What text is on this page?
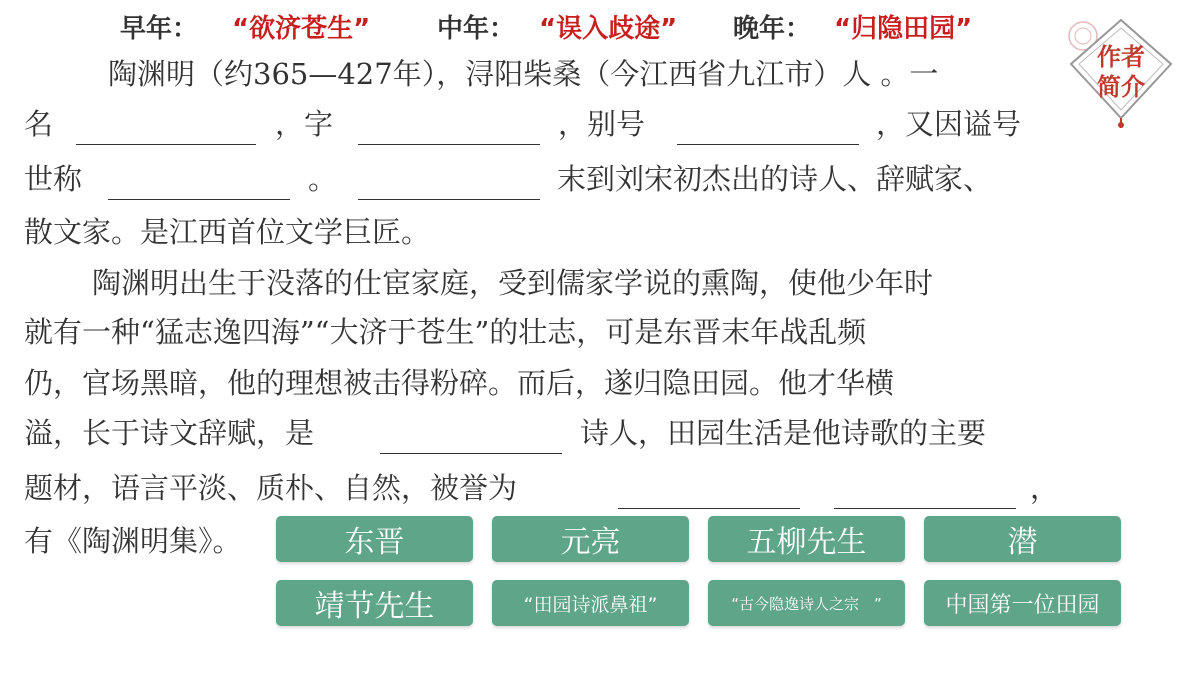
早年： “欲济苍生”	中年： “误入歧途” 晚年： “归隐田园”
作者
简介
陶渊明（约365—427年），浔阳柴桑（今江西省九江市）人 。一
名	，字	，别号	，又因谥号
世称	。	末到刘宋初杰出的诗人、辞赋家、
散文家。是江西首位文学巨匠。
陶渊明出生于没落的仕宦家庭，受到儒家学说的熏陶，使他少年时
就有一种“猛志逸四海”“大济于苍生”的壮志，可是东晋末年战乱频
仍，官场黑暗，他的理想被击得粉碎。而后，遂归隐田园。他才华横
溢，长于诗文辞赋，是	诗人，田园生活是他诗歌的主要
题材，语言平淡、质朴、自然，被誉为	，
有《陶渊明集》。	东晋	元亮	五柳先生	潜
靖节先生	“田园诗派鼻祖”	“古今隐逸诗人之宗　”	中国第一位田园
